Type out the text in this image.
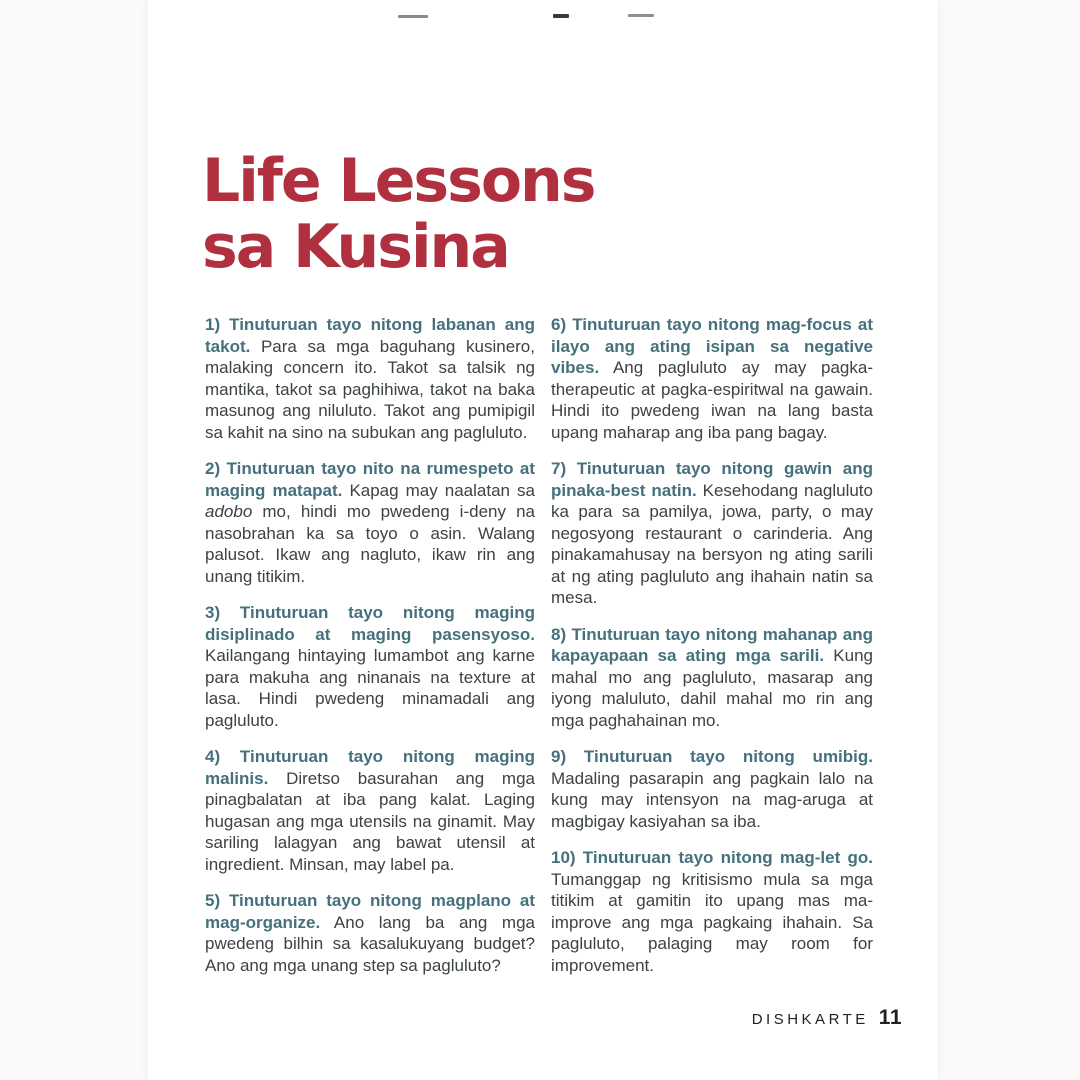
Life Lessons
sa Kusina

1) Tinuturuan tayo nitong labanan ang takot. Para sa mga baguhang kusinero, malaking concern ito. Takot sa talsik ng mantika, takot sa paghihiwa, takot na baka masunog ang niluluto. Takot ang pumipigil sa kahit na sino na subukan ang pagluluto.

2) Tinuturuan tayo nito na rumespeto at maging matapat. Kapag may naalatan sa adobo mo, hindi mo pwedeng i-deny na nasobrahan ka sa toyo o asin. Walang palusot. Ikaw ang nagluto, ikaw rin ang unang titikim.

3) Tinuturuan tayo nitong maging disiplinado at maging pasensyoso. Kailangang hintaying lumambot ang karne para makuha ang ninanais na texture at lasa. Hindi pwedeng minamadali ang pagluluto.

4) Tinuturuan tayo nitong maging malinis. Diretso basurahan ang mga pinagbalatan at iba pang kalat. Laging hugasan ang mga utensils na ginamit. May sariling lalagyan ang bawat utensil at ingredient. Minsan, may label pa.

5) Tinuturuan tayo nitong magplano at mag-organize. Ano lang ba ang mga pwedeng bilhin sa kasalukuyang budget? Ano ang mga unang step sa pagluluto?

6) Tinuturuan tayo nitong mag-focus at ilayo ang ating isipan sa negative vibes. Ang pagluluto ay may pagka-therapeutic at pagka-espiritwal na gawain. Hindi ito pwedeng iwan na lang basta upang maharap ang iba pang bagay.

7) Tinuturuan tayo nitong gawin ang pinaka-best natin. Kesehodang nagluluto ka para sa pamilya, jowa, party, o may negosyong restaurant o carinderia. Ang pinakamahusay na bersyon ng ating sarili at ng ating pagluluto ang ihahain natin sa mesa.

8) Tinuturuan tayo nitong mahanap ang kapayapaan sa ating mga sarili. Kung mahal mo ang pagluluto, masarap ang iyong maluluto, dahil mahal mo rin ang mga paghahainan mo.

9) Tinuturuan tayo nitong umibig. Madaling pasarapin ang pagkain lalo na kung may intensyon na mag-aruga at magbigay kasiyahan sa iba.

10) Tinuturuan tayo nitong mag-let go. Tumanggap ng kritisismo mula sa mga titikim at gamitin ito upang mas ma-improve ang mga pagkaing ihahain. Sa pagluluto, palaging may room for improvement.

DISHKARTE 11
